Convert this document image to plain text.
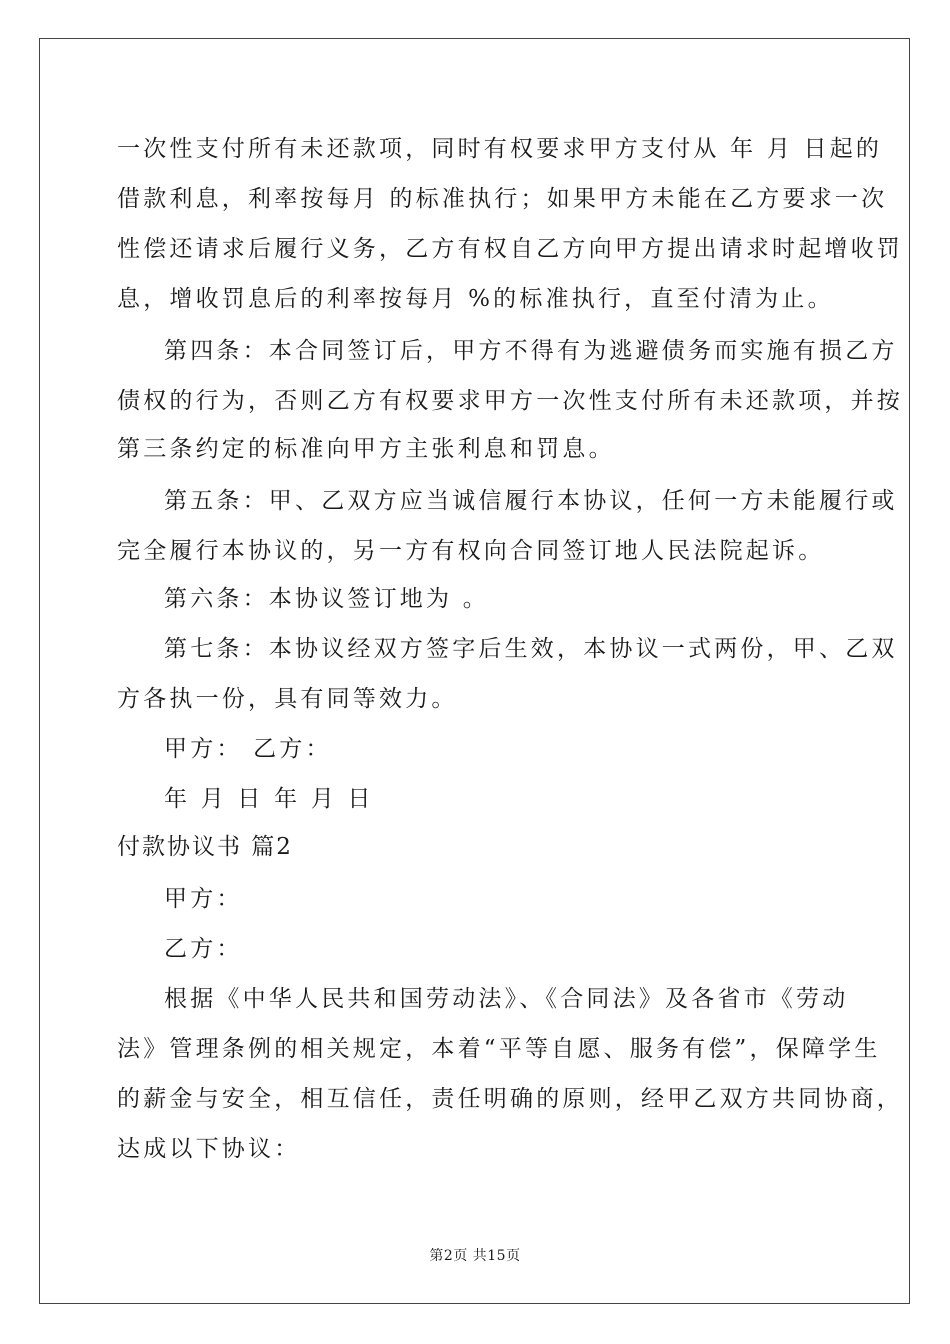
一次性支付所有未还款项，同时有权要求甲方支付从 年 月 日起的
借款利息，利率按每月 的标准执行；如果甲方未能在乙方要求一次
性偿还请求后履行义务，乙方有权自乙方向甲方提出请求时起增收罚
息，增收罚息后的利率按每月 %的标准执行，直至付清为止。
第四条：本合同签订后，甲方不得有为逃避债务而实施有损乙方
债权的行为，否则乙方有权要求甲方一次性支付所有未还款项，并按
第三条约定的标准向甲方主张利息和罚息。
第五条：甲、乙双方应当诚信履行本协议，任何一方未能履行或
完全履行本协议的，另一方有权向合同签订地人民法院起诉。
第六条：本协议签订地为 。
第七条：本协议经双方签字后生效，本协议一式两份，甲、乙双
方各执一份，具有同等效力。
甲方： 乙方：
年 月 日 年 月 日
付款协议书 篇2
甲方：
乙方：
根据《中华人民共和国劳动法》、《合同法》及各省市《劳动
法》管理条例的相关规定，本着“平等自愿、服务有偿”，保障学生
的薪金与安全，相互信任，责任明确的原则，经甲乙双方共同协商，
达成以下协议：
第2页 共15页
